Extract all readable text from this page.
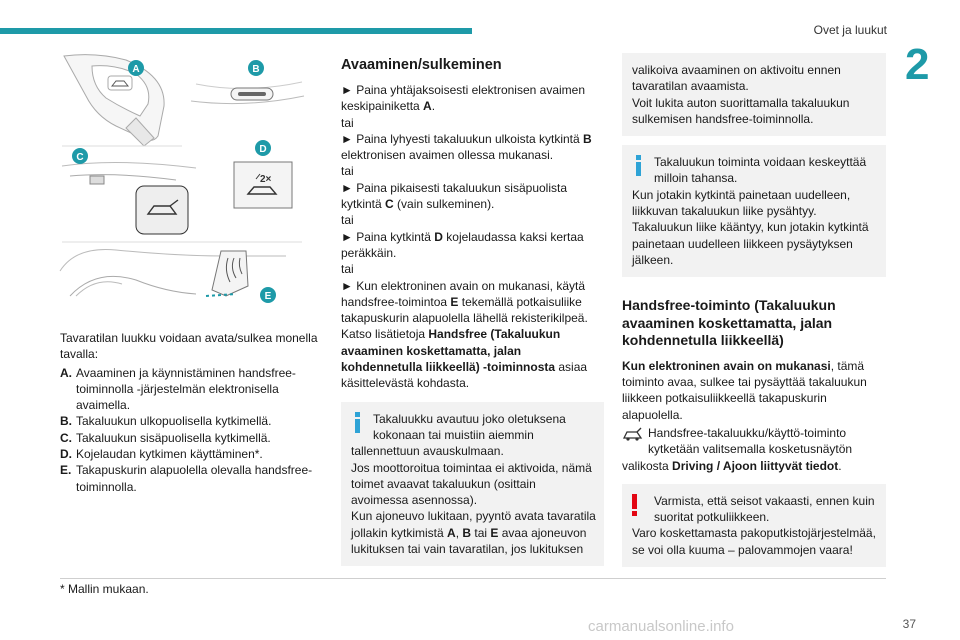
Ovet ja luukut
2
2×
A	B
C
D
E

Tavaratilan luukku voidaan avata/sulkea monella tavalla:

A. Avaaminen ja käynnistäminen handsfree-toiminnolla -järjestelmän elektronisella avaimella.
B. Takaluukun ulkopuolisella kytkimellä.
C. Takaluukun sisäpuolisella kytkimellä.
D. Kojelaudan kytkimen käyttäminen*.
E. Takapuskurin alapuolella olevalla handsfree-toiminnolla.
Avaaminen/sulkeminen

► Paina yhtäjaksoisesti elektronisen avaimen keskipainiketta A.

tai

► Paina lyhyesti takaluukun ulkoista kytkintä B elektronisen avaimen ollessa mukanasi.

tai

► Paina pikaisesti takaluukun sisäpuolista kytkintä C (vain sulkeminen).

tai

► Paina kytkintä D kojelaudassa kaksi kertaa peräkkäin.

tai

► Kun elektroninen avain on mukanasi, käytä handsfree-toimintoa E tekemällä potkaisuliike takapuskurin alapuolella lähellä rekisterikilpeä.

Katso lisätietoja Handsfree (Takaluukun avaaminen koskettamatta, jalan kohdennetulla liikkeellä) -toiminnosta asiaa käsittelevästä kohdasta.

Takaluukku avautuu joko oletuksena kokonaan tai muistiin aiemmin

tallennettuun avauskulmaan.

Jos moottoroitua toimintaa ei aktivoida, nämä toimet avaavat takaluukun (osittain avoimessa asennossa).

Kun ajoneuvo lukitaan, pyyntö avata tavaratila jollakin kytkimistä A, B tai E avaa ajoneuvon lukituksen tai vain tavaratilan, jos lukituksen

valikoiva avaaminen on aktivoitu ennen tavaratilan avaamista.

Voit lukita auton suorittamalla takaluukun sulkemisen handsfree-toiminnolla.

Takaluukun toiminta voidaan keskeyttää milloin tahansa.

Kun jotakin kytkintä painetaan uudelleen, liikkuvan takaluukun liike pysähtyy.

Takaluukun liike kääntyy, kun jotakin kytkintä painetaan uudelleen liikkeen pysäytyksen jälkeen.

Handsfree-toiminto (Takaluukun avaaminen koskettamatta, jalan kohdennetulla liikkeellä)

Kun elektroninen avain on mukanasi, tämä toiminto avaa, sulkee tai pysäyttää takaluukun liikkeen potkaisuliikkeellä takapuskurin alapuolella.

Handsfree-takaluukku/käyttö-toiminto kytketään valitsemalla kosketusnäytön

valikosta Driving / Ajoon liittyvät tiedot.

Varmista, että seisot vakaasti, ennen kuin suoritat potkuliikkeen.

Varo koskettamasta pakoputkistojärjestelmää, se voi olla kuuma – palovammojen vaara!

* Mallin mukaan.
carmanualsonline.info	37
